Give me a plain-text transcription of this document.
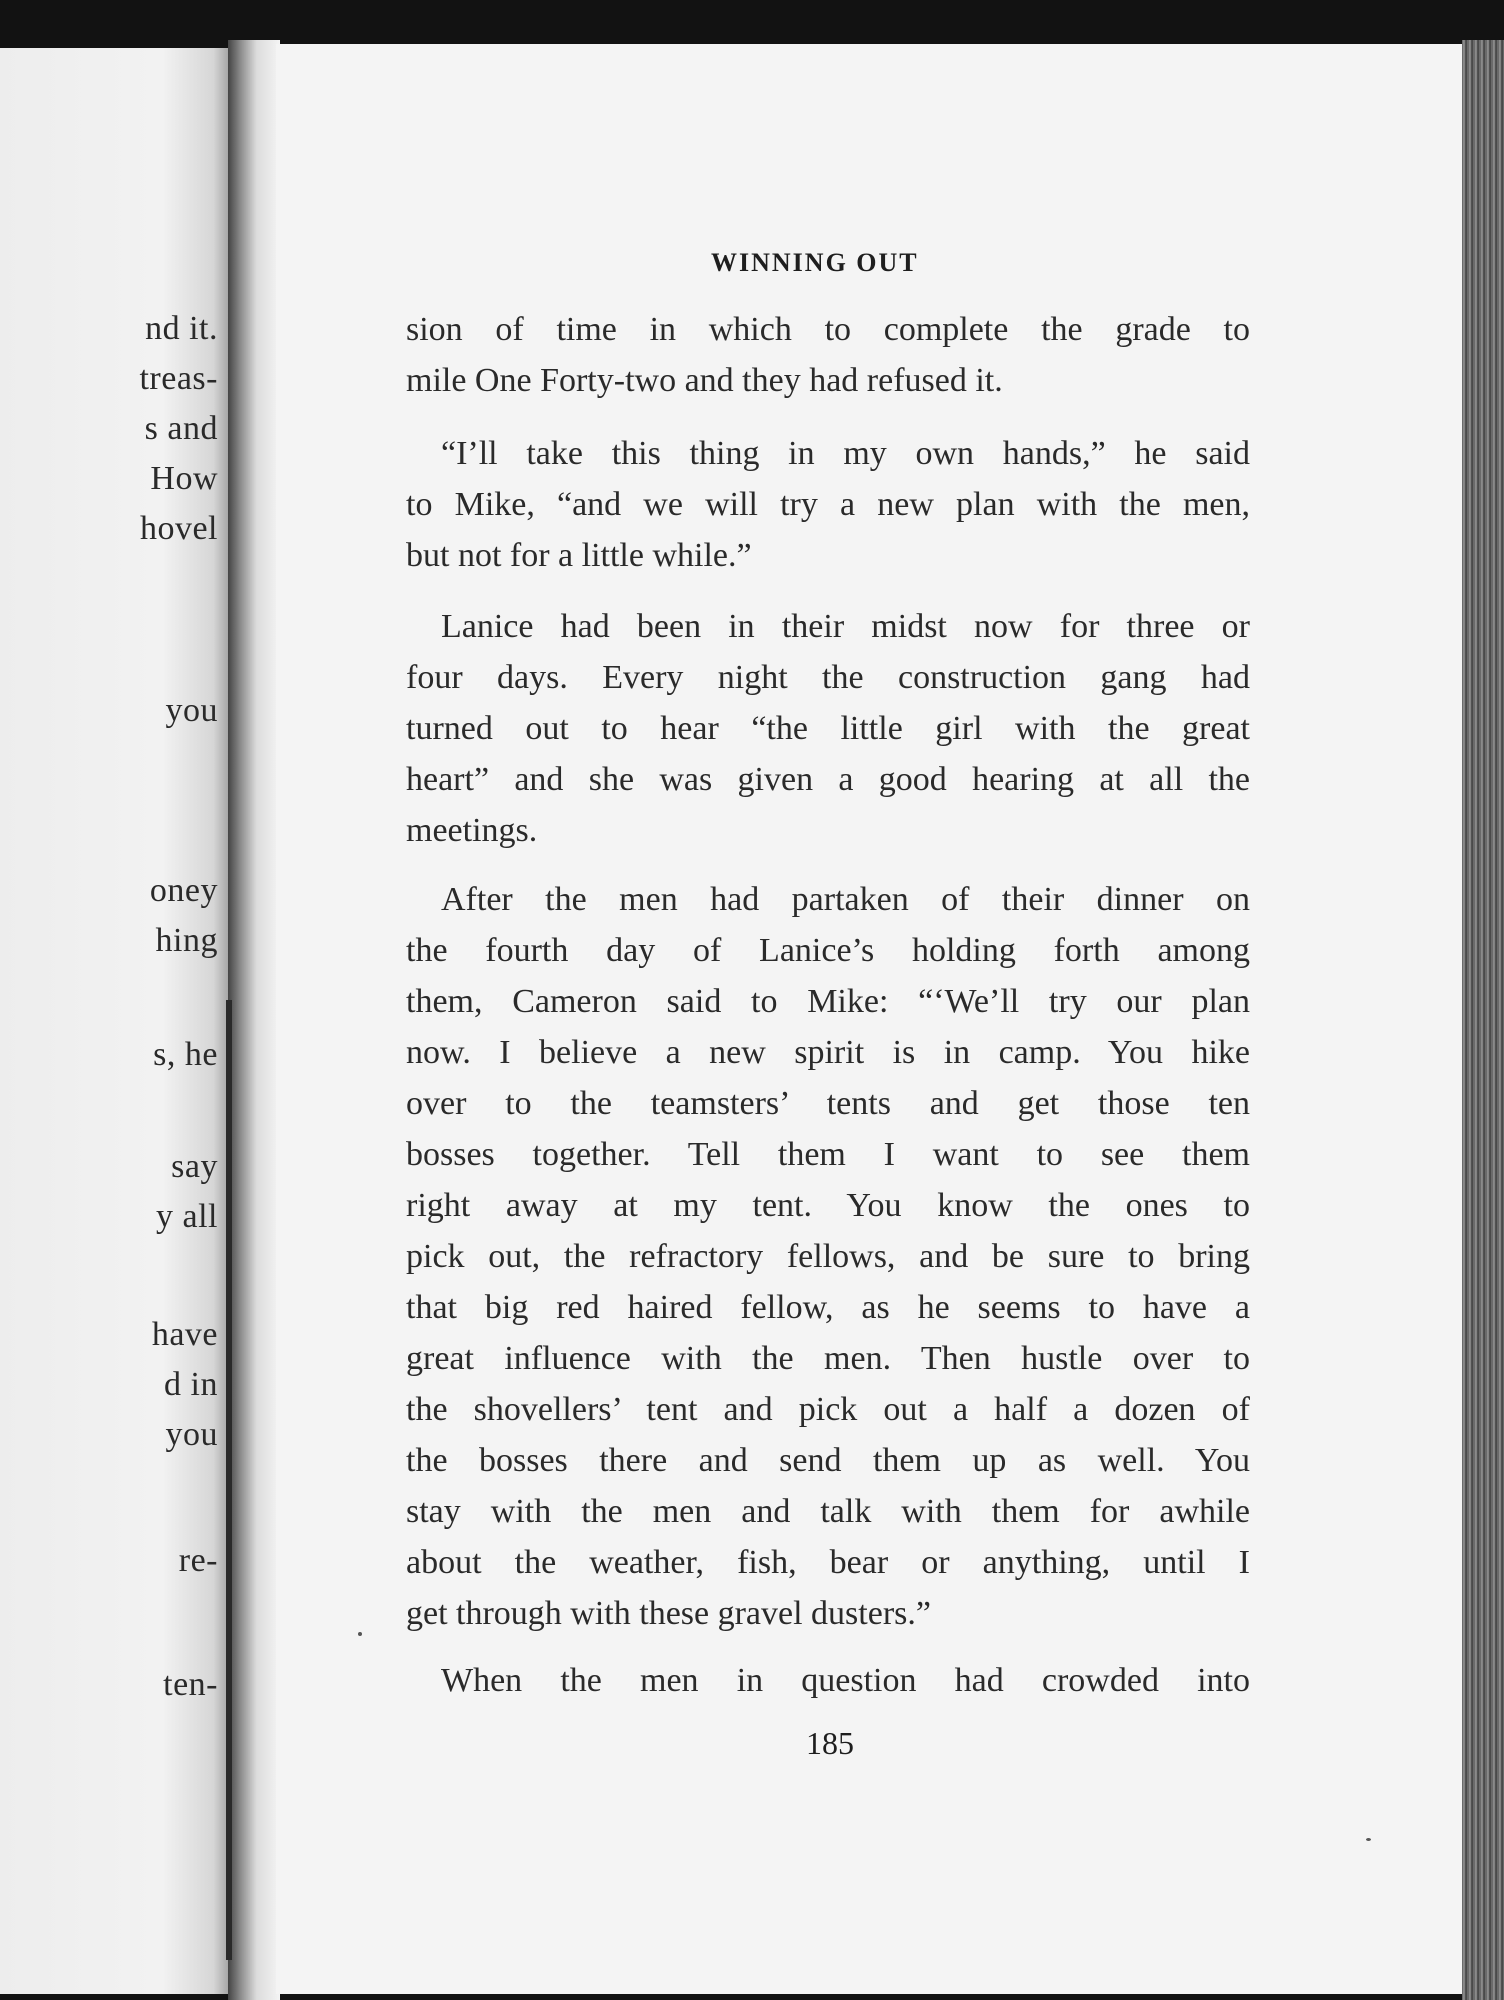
nd it.
treas-
s and
How
hovel
you
oney
hing
s, he
say
y all
have
d in
you
re-
ten-
WINNING OUT
sion of time in which to complete the grade to
mile One Forty-two and they had refused it.
“I’ll take this thing in my own hands,” he said
to Mike, “and we will try a new plan with the men,
but not for a little while.”
Lanice had been in their midst now for three or
four days. Every night the construction gang had
turned out to hear “the little girl with the great
heart” and she was given a good hearing at all the
meetings.
After the men had partaken of their dinner on
the fourth day of Lanice’s holding forth among
them, Cameron said to Mike: “‘We’ll try our plan
now. I believe a new spirit is in camp. You hike
over to the teamsters’ tents and get those ten
bosses together. Tell them I want to see them
right away at my tent. You know the ones to
pick out, the refractory fellows, and be sure to bring
that big red haired fellow, as he seems to have a
great influence with the men. Then hustle over to
the shovellers’ tent and pick out a half a dozen of
the bosses there and send them up as well. You
stay with the men and talk with them for awhile
about the weather, fish, bear or anything, until I
get through with these gravel dusters.”
When the men in question had crowded into
185
